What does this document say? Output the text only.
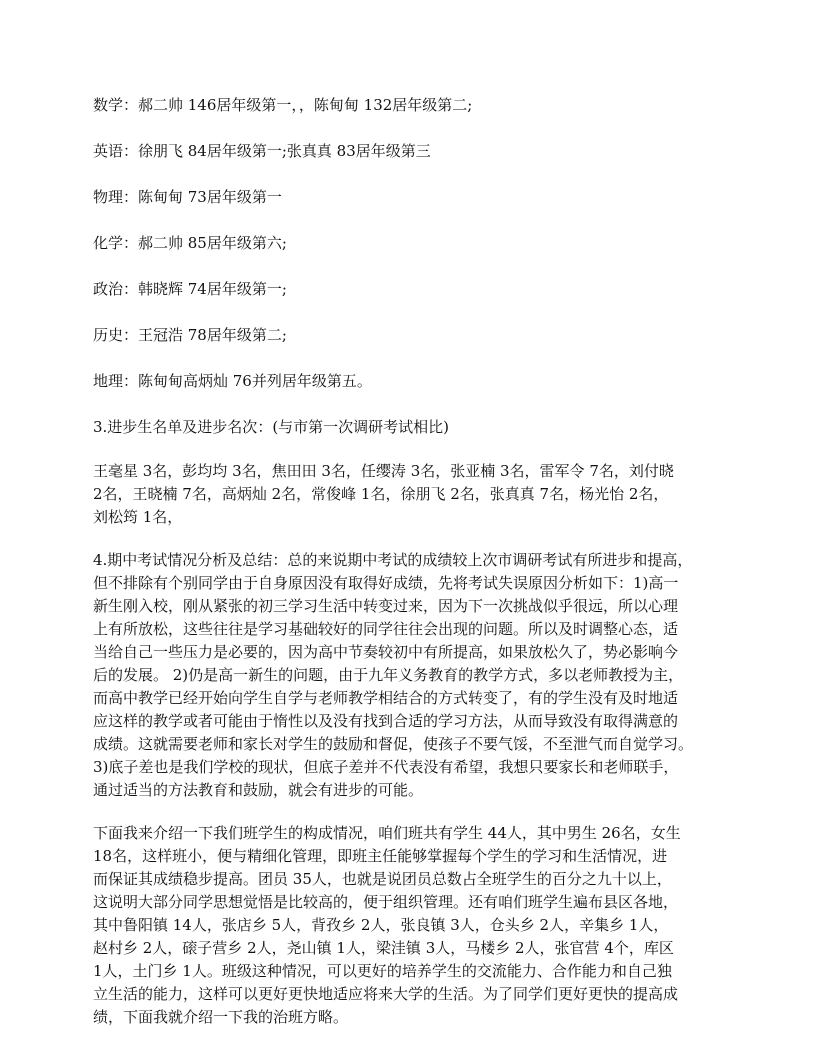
数学：郝二帅 146居年级第一，，陈甸甸 132居年级第二;

英语：徐朋飞 84居年级第一;张真真 83居年级第三

物理：陈甸甸 73居年级第一

化学：郝二帅 85居年级第六;

政治：韩晓辉 74居年级第一;

历史：王冠浩 78居年级第二;

地理：陈甸甸高炳灿 76并列居年级第五。

3.进步生名单及进步名次：(与市第一次调研考试相比)

王毫星 3名，彭均均 3名，焦田田 3名，任缨涛 3名，张亚楠 3名，雷军令 7名，刘付晓
2名，王晓楠 7名，高炳灿 2名，常俊峰 1名，徐朋飞 2名，张真真 7名，杨光怡 2名，
刘松筠 1名，
4.期中考试情况分析及总结：总的来说期中考试的成绩较上次市调研考试有所进步和提高，
但不排除有个别同学由于自身原因没有取得好成绩，先将考试失误原因分析如下：1)高一
新生刚入校，刚从紧张的初三学习生活中转变过来，因为下一次挑战似乎很远，所以心理
上有所放松，这些往往是学习基础较好的同学往往会出现的问题。所以及时调整心态，适
当给自己一些压力是必要的，因为高中节奏较初中有所提高，如果放松久了，势必影响今
后的发展。 2)仍是高一新生的问题，由于九年义务教育的教学方式，多以老师教授为主，
而高中教学已经开始向学生自学与老师教学相结合的方式转变了，有的学生没有及时地适
应这样的教学或者可能由于惰性以及没有找到合适的学习方法，从而导致没有取得满意的
成绩。这就需要老师和家长对学生的鼓励和督促，使孩子不要气馁，不至泄气而自觉学习。
3)底子差也是我们学校的现状，但底子差并不代表没有希望，我想只要家长和老师联手，
通过适当的方法教育和鼓励，就会有进步的可能。
下面我来介绍一下我们班学生的构成情况，咱们班共有学生 44人，其中男生 26名，女生
18名，这样班小，便与精细化管理，即班主任能够掌握每个学生的学习和生活情况，进
而保证其成绩稳步提高。团员 35人，也就是说团员总数占全班学生的百分之九十以上，
这说明大部分同学思想觉悟是比较高的，便于组织管理。还有咱们班学生遍布县区各地，
其中鲁阳镇 14人，张店乡 5人，背孜乡 2人，张良镇 3人，仓头乡 2人，辛集乡 1人，
赵村乡 2人，磙子营乡 2人，尧山镇 1人，梁洼镇 3人，马楼乡 2人，张官营 4个，库区
1人，土门乡 1人。班级这种情况，可以更好的培养学生的交流能力、合作能力和自己独
立生活的能力，这样可以更好更快地适应将来大学的生活。为了同学们更好更快的提高成
绩，下面我就介绍一下我的治班方略。
